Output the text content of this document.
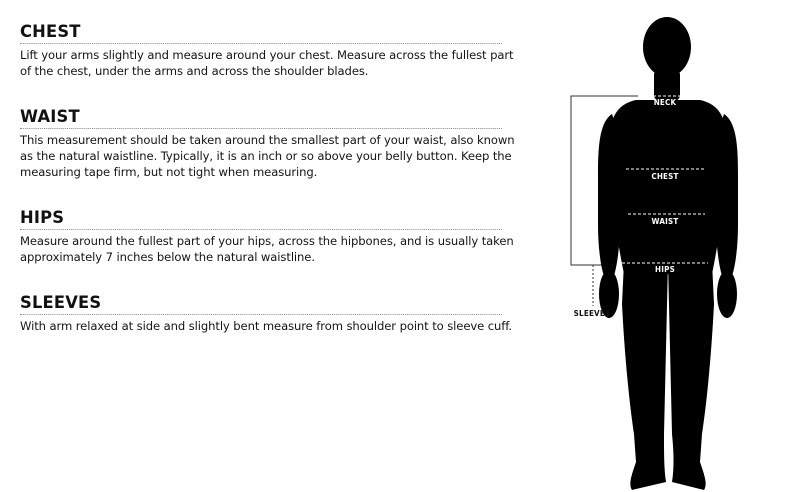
CHEST

Lift your arms slightly and measure around your chest. Measure across the fullest part of the chest, under the arms and across the shoulder blades.

WAIST

This measurement should be taken around the smallest part of your waist, also known as the natural waistline. Typically, it is an inch or so above your belly button. Keep the measuring tape firm, but not tight when measuring.

HIPS

Measure around the fullest part of your hips, across the hipbones, and is usually taken approximately 7 inches below the natural waistline.

SLEEVES

With arm relaxed at side and slightly bent measure from shoulder point to sleeve cuff.

NECK
CHEST
WAIST
HIPS
SLEEVES
